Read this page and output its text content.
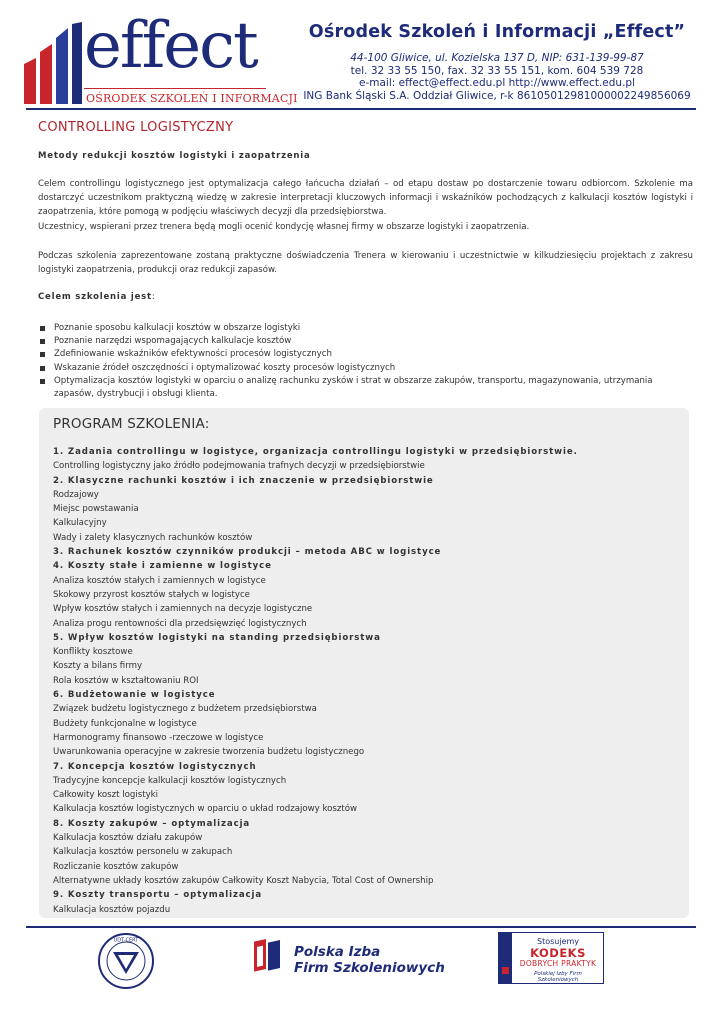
effect
OŚRODEK SZKOLEŃ I INFORMACJI
Ośrodek Szkoleń i Informacji „Effect”
44-100 Gliwice, ul. Kozielska 137 D, NIP: 631-139-99-87
tel. 32 33 55 150, fax. 32 33 55 151, kom. 604 539 728
e-mail: effect@effect.edu.pl http://www.effect.edu.pl
ING Bank Śląski S.A. Oddział Gliwice, r-k 86105012981000002249856069
CONTROLLING LOGISTYCZNY
Metody redukcji kosztów logistyki i zaopatrzenia
Celem controllingu logistycznego jest optymalizacja całego łańcucha działań – od etapu dostaw po dostarczenie towaru odbiorcom. Szkolenie ma dostarczyć uczestnikom praktyczną wiedzę w zakresie interpretacji kluczowych informacji i wskaźników pochodzących z kalkulacji kosztów logistyki i zaopatrzenia, które pomogą w podjęciu właściwych decyzji dla przedsiębiorstwa.
Uczestnicy, wspierani przez trenera będą mogli ocenić kondycję własnej firmy w obszarze logistyki i zaopatrzenia.
Podczas szkolenia zaprezentowane zostaną praktyczne doświadczenia Trenera w kierowaniu i uczestnictwie w kilkudziesięciu projektach z zakresu logistyki zaopatrzenia, produkcji oraz redukcji zapasów.
Celem szkolenia jest:
Poznanie sposobu kalkulacji kosztów w obszarze logistyki
Poznanie narzędzi wspomagających kalkulacje kosztów
Zdefiniowanie wskaźników efektywności procesów logistycznych
Wskazanie źródeł oszczędności i optymalizować koszty procesów logistycznych
Optymalizacja kosztów logistyki w oparciu o analizę rachunku zysków i strat w obszarze zakupów, transportu, magazynowania, utrzymania zapasów, dystrybucji i obsługi klienta.
PROGRAM SZKOLENIA:
1. Zadania controllingu w logistyce, organizacja controllingu logistyki w przedsiębiorstwie.
Controlling logistyczny jako źródło podejmowania trafnych decyzji w przedsiębiorstwie
2. Klasyczne rachunki kosztów i ich znaczenie w przedsiębiorstwie
Rodzajowy
Miejsc powstawania
Kalkulacyjny
Wady i zalety klasycznych rachunków kosztów
3. Rachunek kosztów czynników produkcji – metoda ABC w logistyce
4. Koszty stałe i zamienne w logistyce
Analiza kosztów stałych i zamiennych w logistyce
Skokowy przyrost kosztów stałych w logistyce
Wpływ kosztów stałych i zamiennych na decyzje logistyczne
Analiza progu rentowności dla przedsięwzięć logistycznych
5. Wpływ kosztów logistyki na standing przedsiębiorstwa
Konflikty kosztowe
Koszty a bilans firmy
Rola kosztów w kształtowaniu ROI
6. Budżetowanie w logistyce
Związek budżetu logistycznego z budżetem przedsiębiorstwa
Budżety funkcjonalne w logistyce
Harmonogramy finansowo -rzeczowe w logistyce
Uwarunkowania operacyjne w zakresie tworzenia budżetu logistycznego
7. Koncepcja kosztów logistycznych
Tradycyjne koncepcje kalkulacji kosztów logistycznych
Całkowity koszt logistyki
Kalkulacja kosztów logistycznych w oparciu o układ rodzajowy kosztów
8. Koszty zakupów – optymalizacja
Kalkulacja kosztów działu zakupów
Kalkulacja kosztów personelu w zakupach
Rozliczanie kosztów zakupów
Alternatywne układy kosztów zakupów Całkowity Koszt Nabycia, Total Cost of Ownership
9. Koszty transportu – optymalizacja
Kalkulacja kosztów pojazdu
UDT-CERT
Polska Izba
Firm Szkoleniowych
Stosujemy
KODEKS
DOBRYCH PRAKTYK
Polskiej Izby Firm Szkoleniowych
